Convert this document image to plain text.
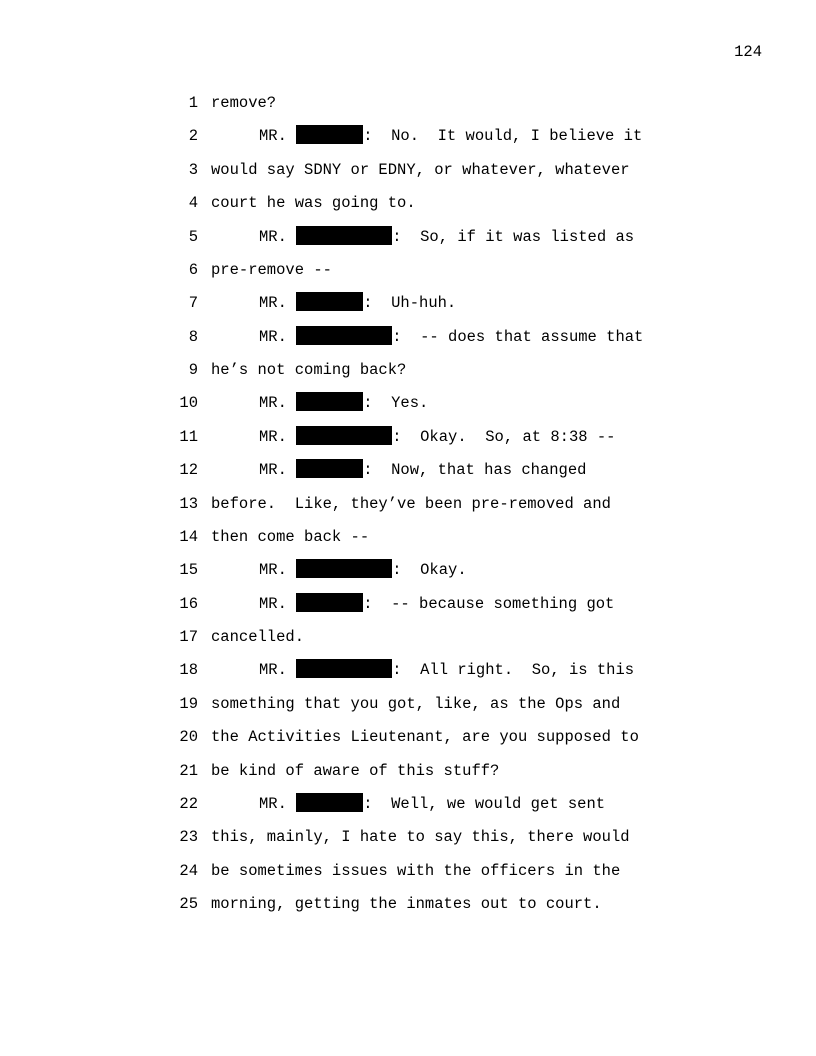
124
1 remove?
2	MR.	:  No.  It would, I believe it
3 would say SDNY or EDNY, or whatever, whatever
4 court he was going to.
5	MR.	:  So, if it was listed as
6 pre-remove --
7	MR.	:  Uh-huh.
8	MR.	:  -- does that assume that
9 he’s not coming back?
10	MR.	:  Yes.
11	MR.	:  Okay.  So, at 8:38 --
12	MR.	:  Now, that has changed
13 before.  Like, they’ve been pre-removed and
14 then come back --
15	MR.	:  Okay.
16	MR.	:  -- because something got
17 cancelled.
18	MR.	:  All right.  So, is this
19 something that you got, like, as the Ops and
20 the Activities Lieutenant, are you supposed to
21 be kind of aware of this stuff?
22	MR.	:  Well, we would get sent
23 this, mainly, I hate to say this, there would
24 be sometimes issues with the officers in the
25 morning, getting the inmates out to court.
